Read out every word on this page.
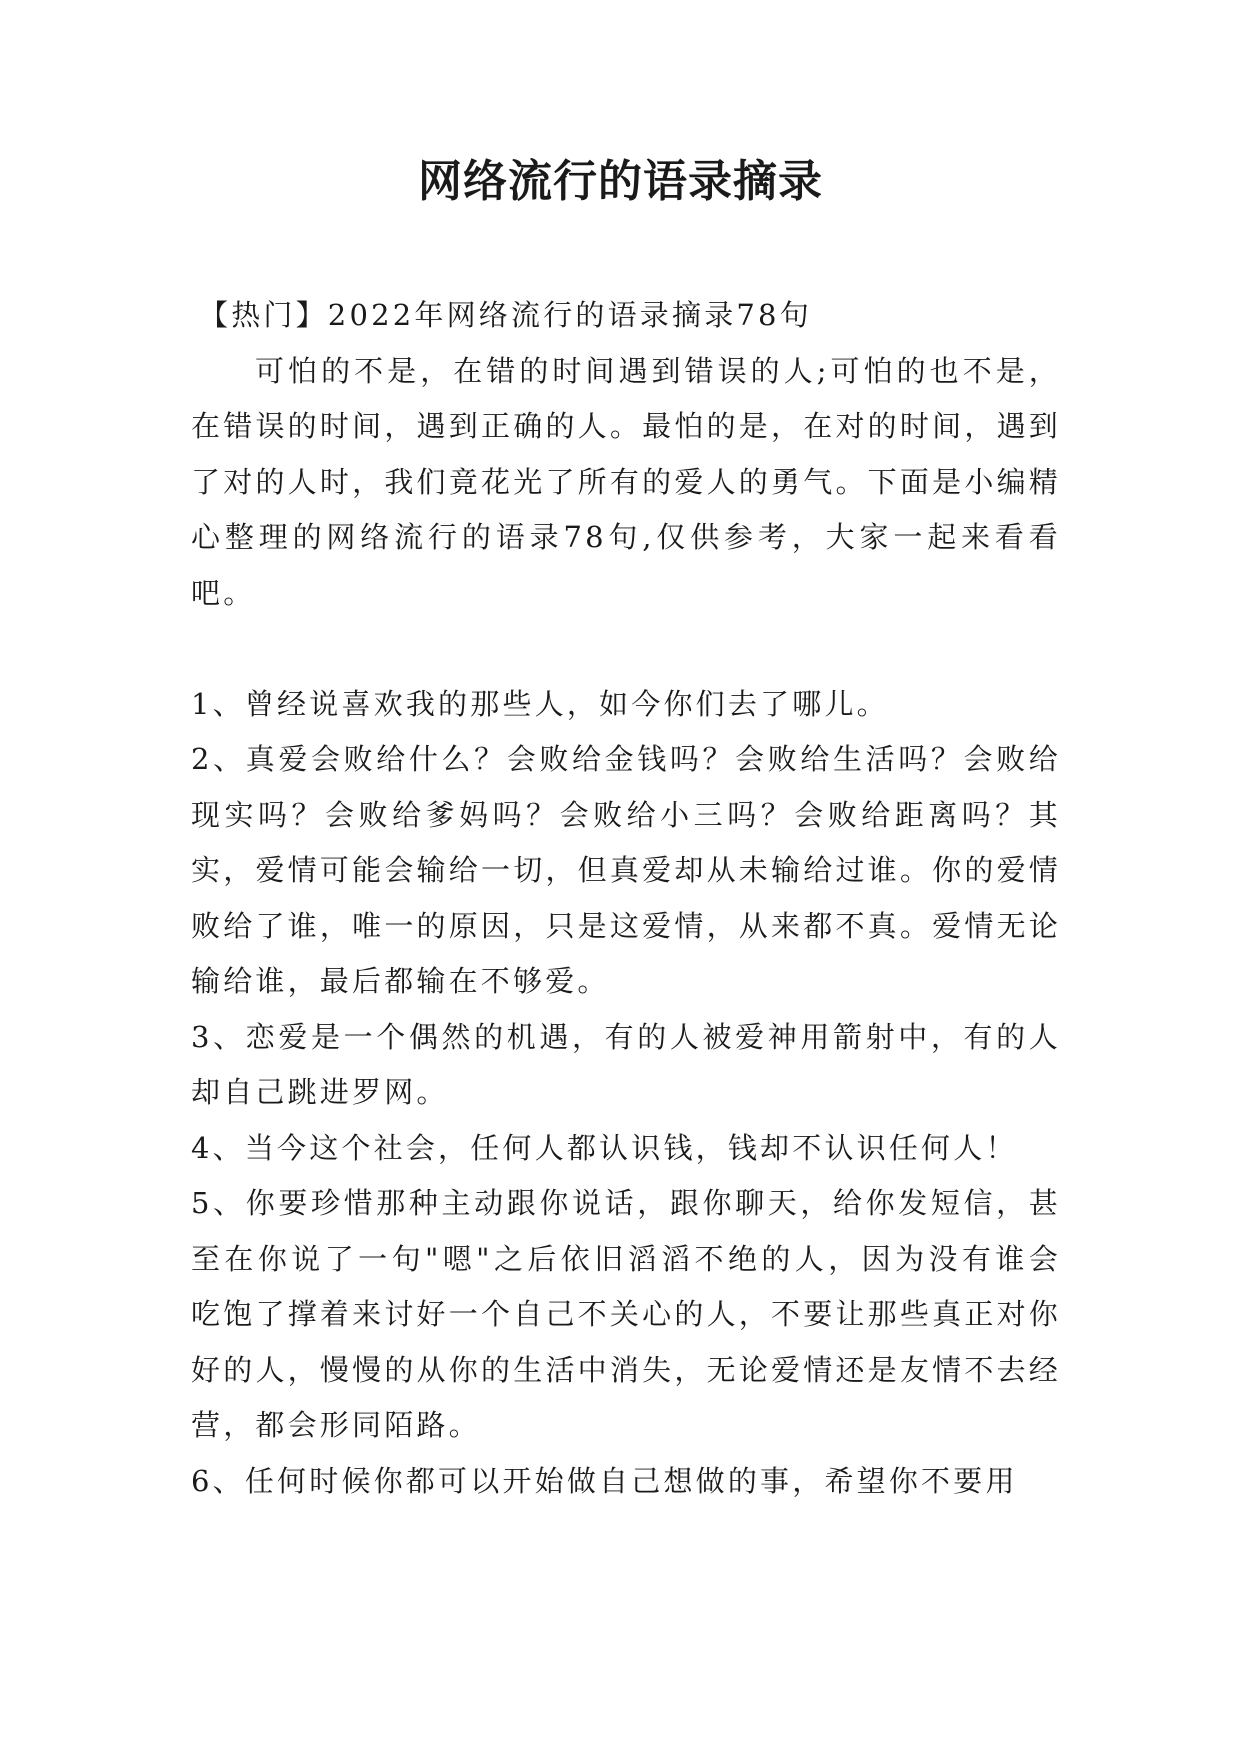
网络流行的语录摘录

【热门】2022年网络流行的语录摘录78句

可怕的不是，在错的时间遇到错误的人;可怕的也不是，在错误的时间，遇到正确的人。最怕的是，在对的时间，遇到了对的人时，我们竟花光了所有的爱人的勇气。下面是小编精心整理的网络流行的语录78句,仅供参考，大家一起来看看吧。

1、曾经说喜欢我的那些人，如今你们去了哪儿。

2、真爱会败给什么？会败给金钱吗？会败给生活吗？会败给现实吗？会败给爹妈吗？会败给小三吗？会败给距离吗？其实，爱情可能会输给一切，但真爱却从未输给过谁。你的爱情败给了谁，唯一的原因，只是这爱情，从来都不真。爱情无论输给谁，最后都输在不够爱。

3、恋爱是一个偶然的机遇，有的人被爱神用箭射中，有的人却自己跳进罗网。

4、当今这个社会，任何人都认识钱，钱却不认识任何人！

5、你要珍惜那种主动跟你说话，跟你聊天，给你发短信，甚至在你说了一句"嗯"之后依旧滔滔不绝的人，因为没有谁会吃饱了撑着来讨好一个自己不关心的人，不要让那些真正对你好的人，慢慢的从你的生活中消失，无论爱情还是友情不去经营，都会形同陌路。

6、任何时候你都可以开始做自己想做的事，希望你不要用
